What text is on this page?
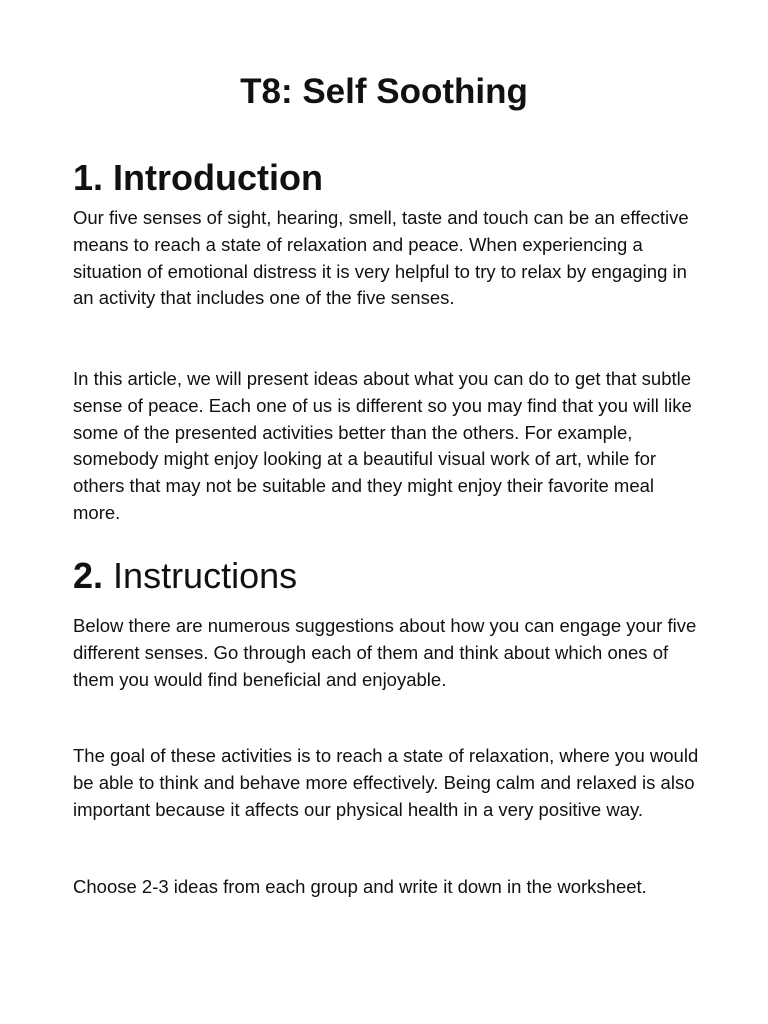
T8: Self Soothing
1. Introduction

Our five senses of sight, hearing, smell, taste and touch can be an effective means to reach a state of relaxation and peace. When experiencing a situation of emotional distress it is very helpful to try to relax by engaging in an activity that includes one of the five senses.

In this article, we will present ideas about what you can do to get that subtle sense of peace. Each one of us is different so you may find that you will like some of the presented activities better than the others. For example, somebody might enjoy looking at a beautiful visual work of art, while for others that may not be suitable and they might enjoy their favorite meal more.

2. Instructions

Below there are numerous suggestions about how you can engage your five different senses. Go through each of them and think about which ones of them you would find beneficial and enjoyable.

The goal of these activities is to reach a state of relaxation, where you would be able to think and behave more effectively. Being calm and relaxed is also important because it affects our physical health in a very positive way.

Choose 2-3 ideas from each group and write it down in the worksheet.
